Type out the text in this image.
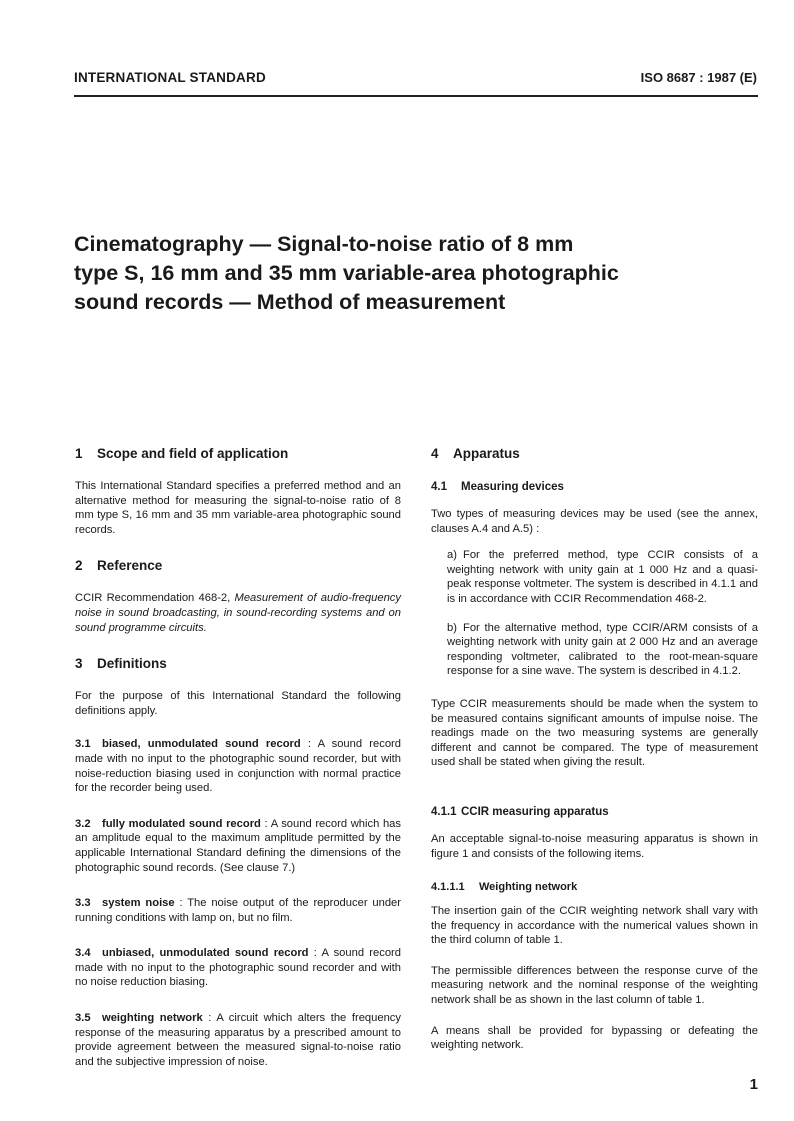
INTERNATIONAL STANDARD	ISO 8687 : 1987 (E)
Cinematography — Signal-to-noise ratio of 8 mm
type S, 16 mm and 35 mm variable-area photographic
sound records — Method of measurement
1 Scope and field of application

This International Standard specifies a preferred method and an alternative method for measuring the signal-to-noise ratio of 8 mm type S, 16 mm and 35 mm variable-area photographic sound records.

2 Reference

CCIR Recommendation 468-2, Measurement of audio-frequency noise in sound broadcasting, in sound-recording systems and on sound programme circuits.

3 Definitions

For the purpose of this International Standard the following definitions apply.

3.1 biased, unmodulated sound record : A sound record made with no input to the photographic sound recorder, but with noise-reduction biasing used in conjunction with normal practice for the recorder being used.

3.2 fully modulated sound record : A sound record which has an amplitude equal to the maximum amplitude permitted by the applicable International Standard defining the dimensions of the photographic sound records. (See clause 7.)

3.3 system noise : The noise output of the reproducer under running conditions with lamp on, but no film.

3.4 unbiased, unmodulated sound record : A sound record made with no input to the photographic sound recorder and with no noise reduction biasing.

3.5 weighting network : A circuit which alters the frequency response of the measuring apparatus by a prescribed amount to provide agreement between the measured signal-to-noise ratio and the subjective impression of noise.

4 Apparatus
4.1 Measuring devices

Two types of measuring devices may be used (see the annex, clauses A.4 and A.5) :

a) For the preferred method, type CCIR consists of a weighting network with unity gain at 1 000 Hz and a quasi-peak response voltmeter. The system is described in 4.1.1 and is in accordance with CCIR Recommendation 468-2.

b) For the alternative method, type CCIR/ARM consists of a weighting network with unity gain at 2 000 Hz and an average responding voltmeter, calibrated to the root-mean-square response for a sine wave. The system is described in 4.1.2.

Type CCIR measurements should be made when the system to be measured contains significant amounts of impulse noise. The readings made on the two measuring systems are generally different and cannot be compared. The type of measurement used shall be stated when giving the result.

4.1.1 CCIR measuring apparatus

An acceptable signal-to-noise measuring apparatus is shown in figure 1 and consists of the following items.

4.1.1.1 Weighting network

The insertion gain of the CCIR weighting network shall vary with the frequency in accordance with the numerical values shown in the third column of table 1.

The permissible differences between the response curve of the measuring network and the nominal response of the weighting network shall be as shown in the last column of table 1.

A means shall be provided for bypassing or defeating the weighting network.

1
